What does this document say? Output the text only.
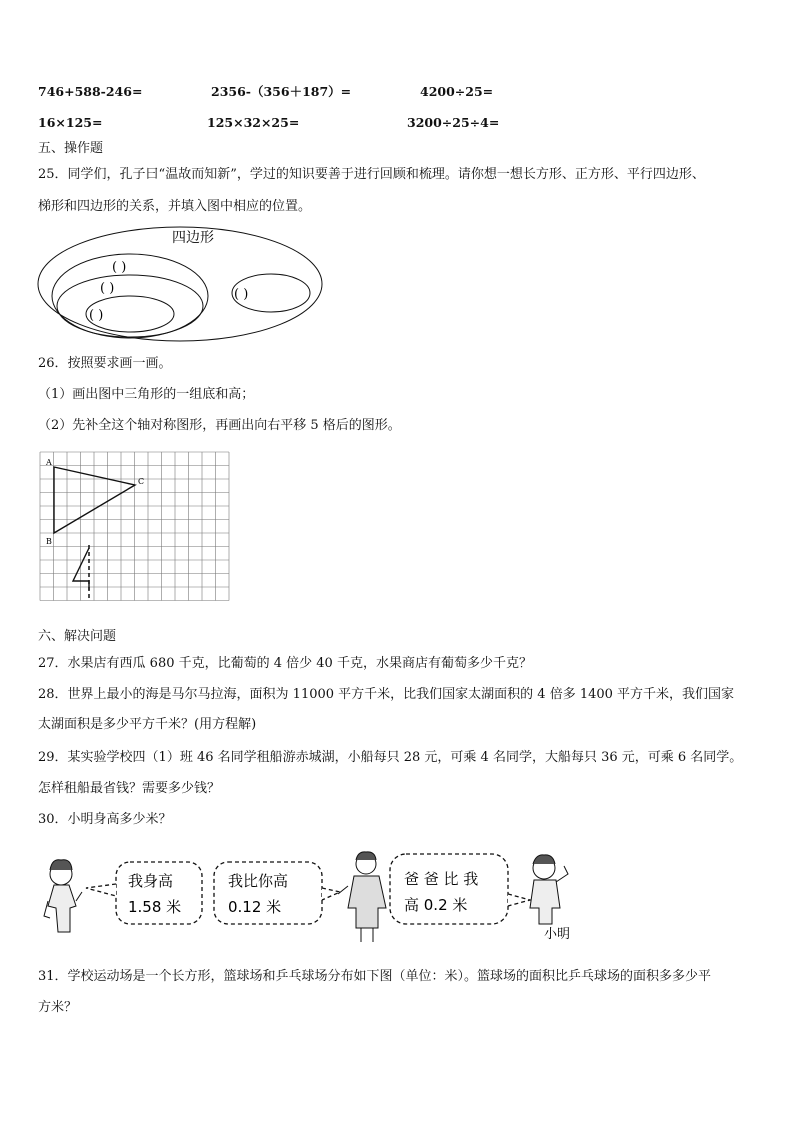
746+588-246=	2356-（356＋187）=	4200÷25=
16×125=	125×32×25=	3200÷25÷4=
五、操作题
25．同学们，孔子曰“温故而知新”，学过的知识要善于进行回顾和梳理。请你想一想长方形、正方形、平行四边形、
梯形和四边形的关系，并填入图中相应的位置。
四边形
( )
( )
( )
( )
26．按照要求画一画。
（1）画出图中三角形的一组底和高；
（2）先补全这个轴对称图形，再画出向右平移 5 格后的图形。
A
B
C
六、解决问题
27．水果店有西瓜 680 千克，比葡萄的 4 倍少 40 千克，水果商店有葡萄多少千克？
28．世界上最小的海是马尔马拉海，面积为 11000 平方千米，比我们国家太湖面积的 4 倍多 1400 平方千米，我们国家
太湖面积是多少平方千米？(用方程解)
29．某实验学校四（1）班 46 名同学租船游赤城湖，小船每只 28 元，可乘 4 名同学，大船每只 36 元，可乘 6 名同学。
怎样租船最省钱？需要多少钱？
30．小明身高多少米？
我身高
1.58 米
我比你高
0.12 米
爸 爸 比 我
高 0.2 米
小明
31．学校运动场是一个长方形，篮球场和乒乓球场分布如下图（单位：米）。篮球场的面积比乒乓球场的面积多多少平
方米？
